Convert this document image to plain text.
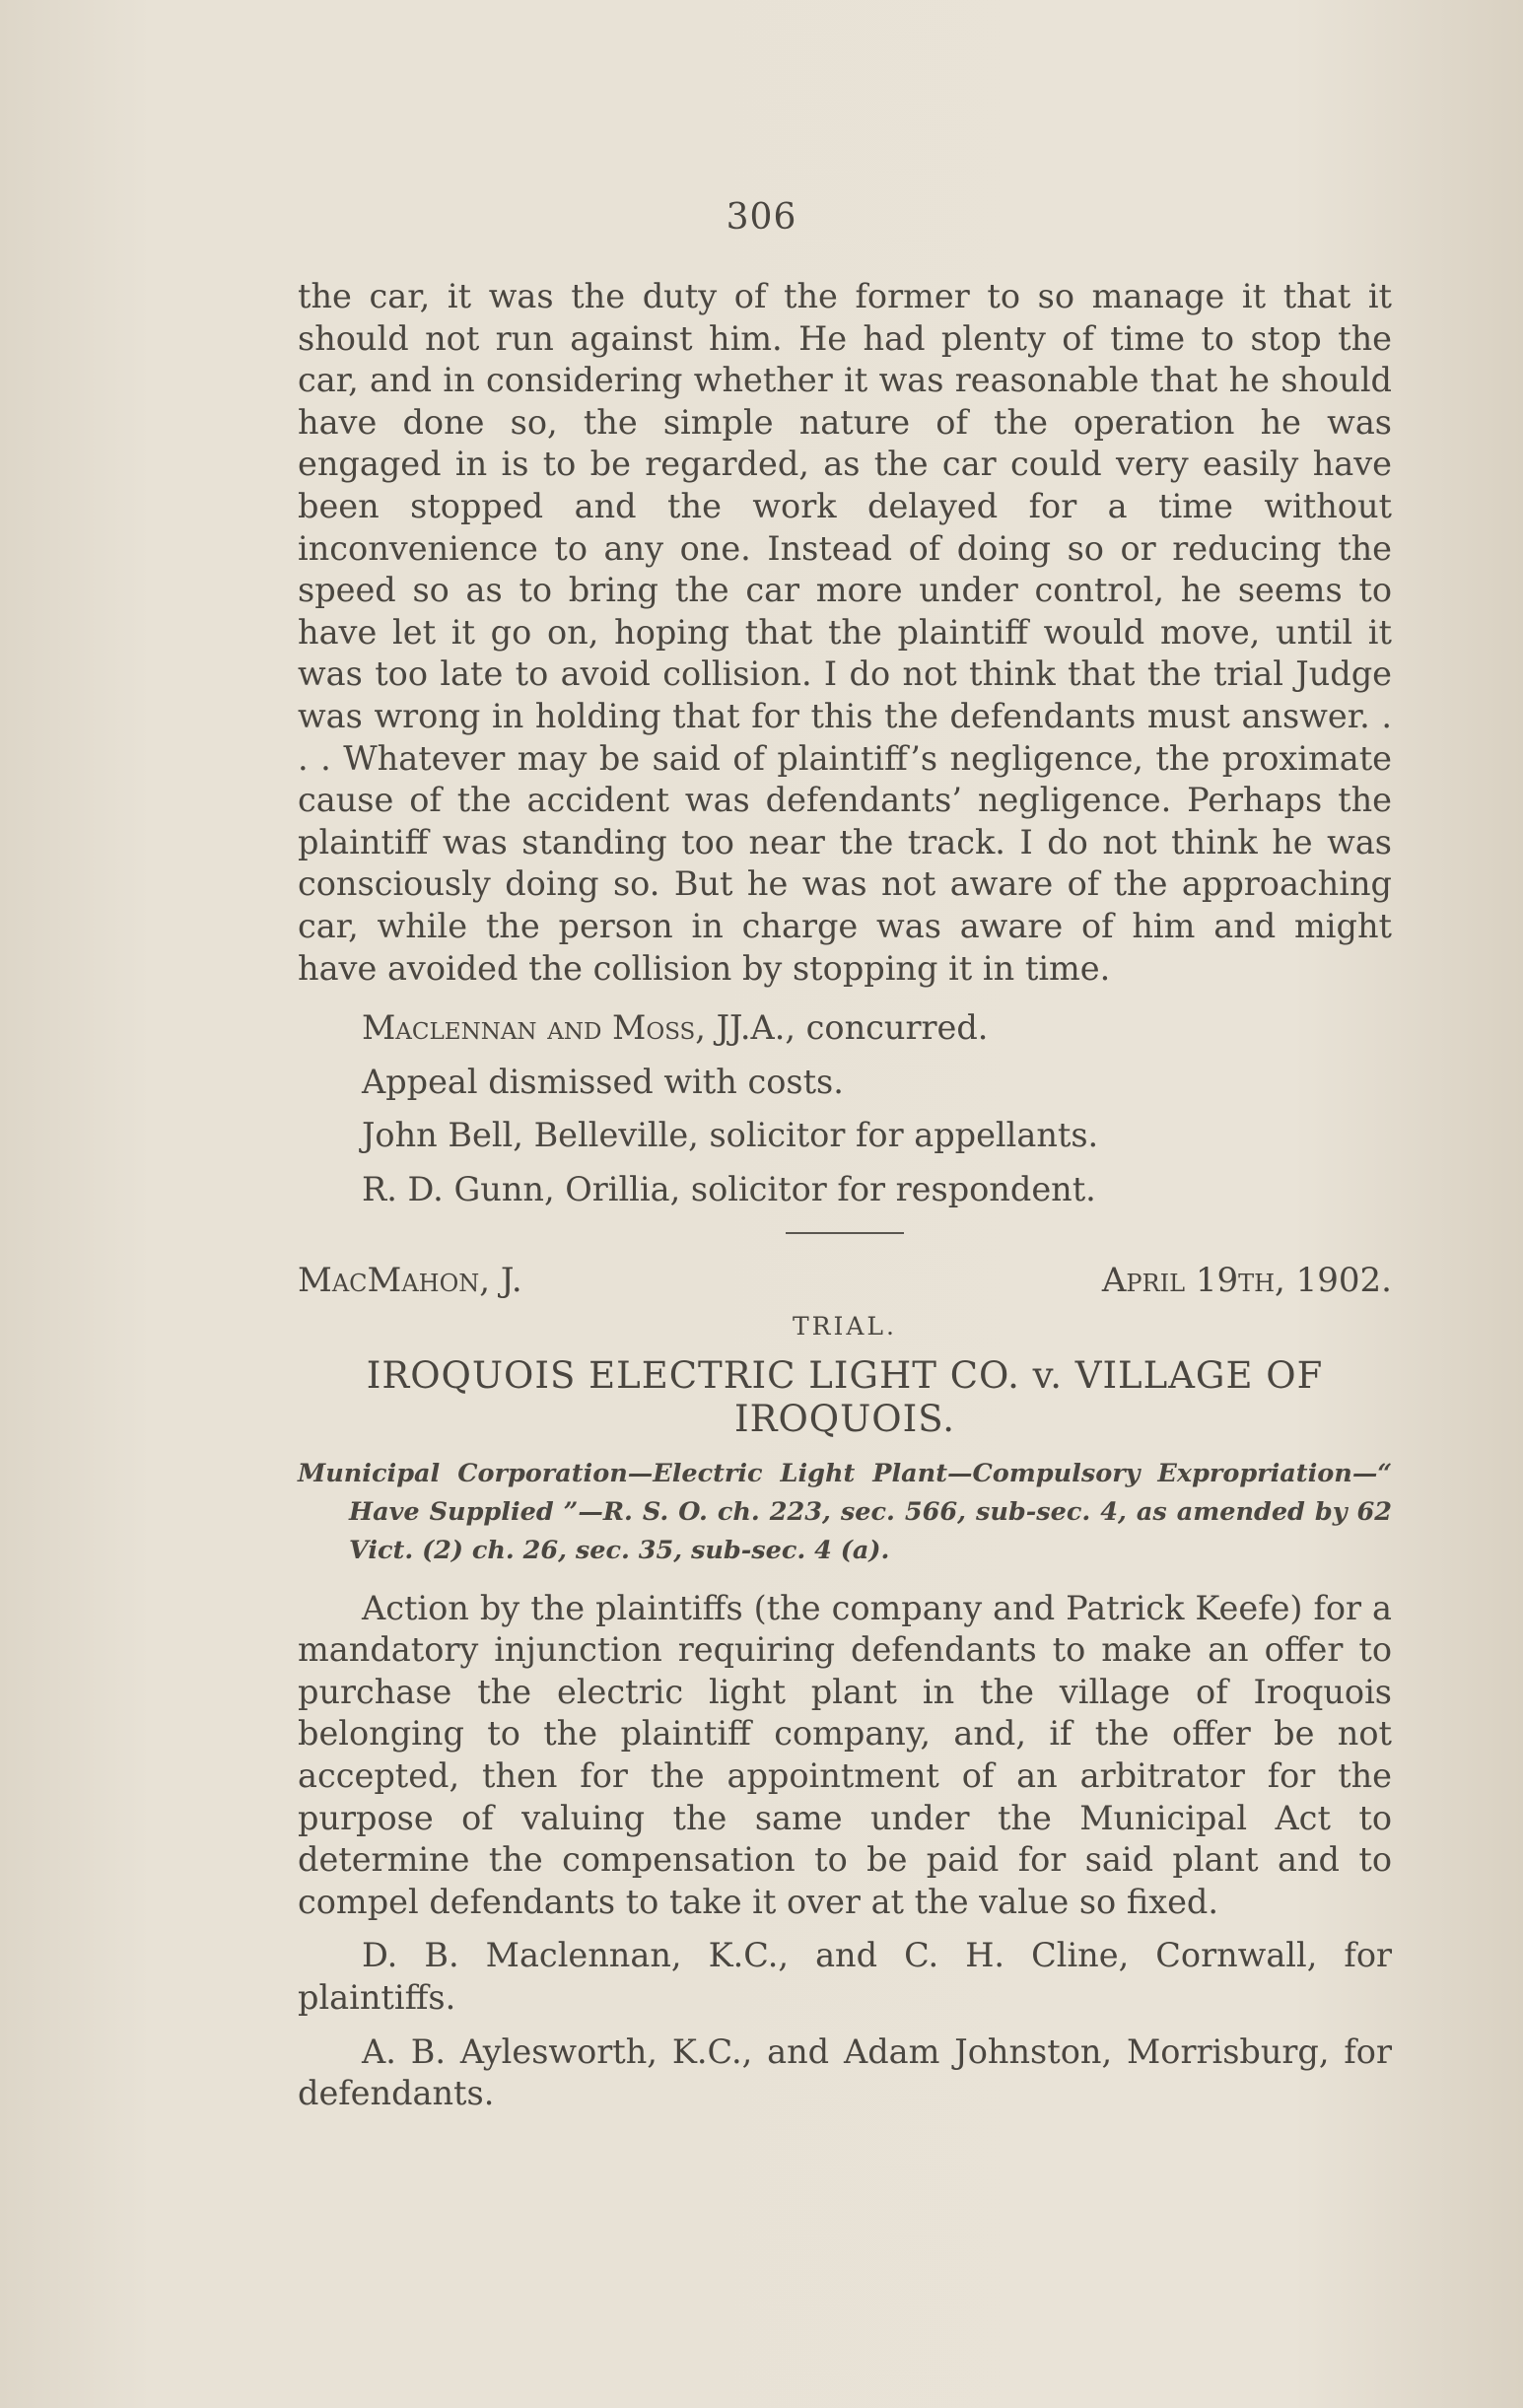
306

the car, it was the duty of the former to so manage it that it should not run against him. He had plenty of time to stop the car, and in considering whether it was reasonable that he should have done so, the simple nature of the operation he was engaged in is to be regarded, as the car could very easily have been stopped and the work delayed for a time without inconvenience to any one. Instead of doing so or reducing the speed so as to bring the car more under control, he seems to have let it go on, hoping that the plaintiff would move, until it was too late to avoid collision. I do not think that the trial Judge was wrong in holding that for this the defendants must answer. . . . Whatever may be said of plaintiff’s negligence, the proximate cause of the accident was defendants’ negligence. Perhaps the plaintiff was standing too near the track. I do not think he was consciously doing so. But he was not aware of the approaching car, while the person in charge was aware of him and might have avoided the collision by stopping it in time.

Maclennan and Moss, JJ.A., concurred.

Appeal dismissed with costs.

John Bell, Belleville, solicitor for appellants.

R. D. Gunn, Orillia, solicitor for respondent.

MacMahon, J.	April 19th, 1902.
TRIAL.
IROQUOIS ELECTRIC LIGHT CO. v. VILLAGE OF IROQUOIS.
Municipal Corporation—Electric Light Plant—Compulsory Expropriation—“ Have Supplied ”—R. S. O. ch. 223, sec. 566, sub-sec. 4, as amended by 62 Vict. (2) ch. 26, sec. 35, sub-sec. 4 (a).

Action by the plaintiffs (the company and Patrick Keefe) for a mandatory injunction requiring defendants to make an offer to purchase the electric light plant in the village of Iroquois belonging to the plaintiff company, and, if the offer be not accepted, then for the appointment of an arbitrator for the purpose of valuing the same under the Municipal Act to determine the compensation to be paid for said plant and to compel defendants to take it over at the value so fixed.

D. B. Maclennan, K.C., and C. H. Cline, Cornwall, for plaintiffs.

A. B. Aylesworth, K.C., and Adam Johnston, Morrisburg, for defendants.
